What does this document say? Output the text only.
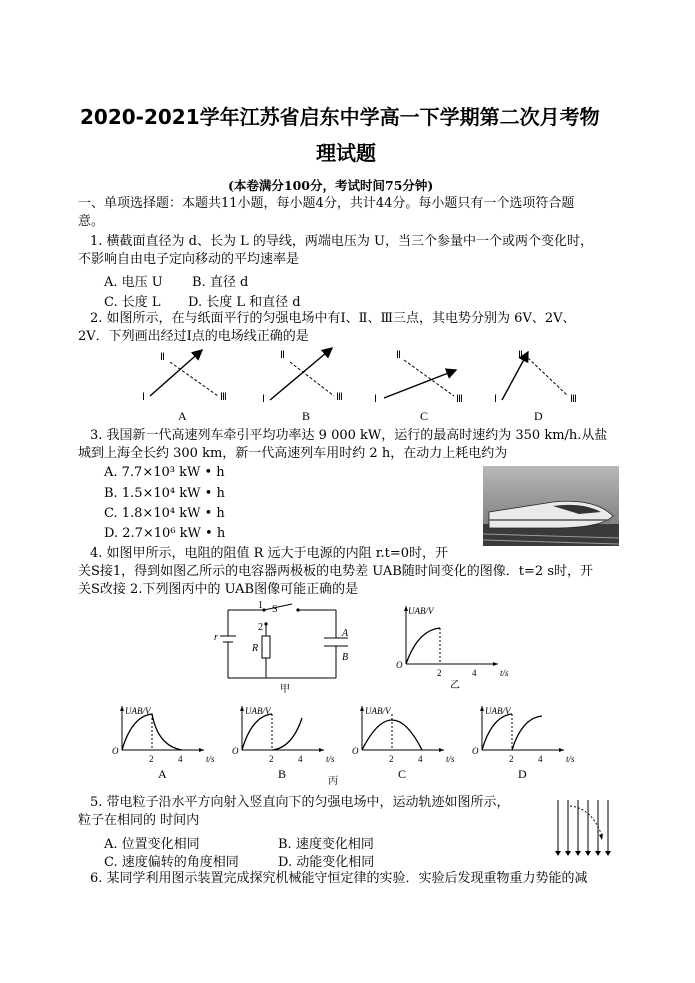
2020-2021学年江苏省启东中学高一下学期第二次月考物
理试题
(本卷满分100分，考试时间75分钟)
一、单项选择题：本题共11小题，每小题4分，共计44分。每小题只有一个选项符合题
意。
1. 横截面直径为 d、长为 L 的导线，两端电压为 U，当三个参量中一个或两个变化时，
不影响自由电子定向移动的平均速率是
A. 电压 U B. 直径 d
C. 长度 L D. 长度 L 和直径 d
2. 如图所示，在与纸面平行的匀强电场中有Ⅰ、Ⅱ、Ⅲ三点，其电势分别为 6V、2V、
2V．下列画出经过Ⅰ点的电场线正确的是
Ⅱ
Ⅰ	Ⅲ
A
Ⅱ
Ⅰ	Ⅲ
B
Ⅱ
Ⅰ	Ⅲ
C
Ⅱ
Ⅰ	Ⅲ
D
3. 我国新一代高速列车牵引平均功率达 9 000 kW，运行的最高时速约为 350 km/h.从盐
城到上海全长约 300 km，新一代高速列车用时约 2 h，在动力上耗电约为
A. 7.7×10³ kW • h
B. 1.5×10⁴ kW • h
C. 1.8×10⁴ kW • h
D. 2.7×10⁶ kW • h
4. 如图甲所示，电阻的阻值 R 远大于电源的内阻 r.t=0时，开
关S接1，得到如图乙所示的电容器两极板的电势差 UAB随时间变化的图像．t=2 s时，开
关S改接 2.下列图丙中的 UAB图像可能正确的是
1
2
S
r
R
A
B
甲
UAB/V
O
2	4	t/s
乙
UAB/V
O
2	4	t/s
A
UAB/V
O
2	4	t/s
B
UAB/V
O
2	4	t/s
C
UAB/V
O
2	4	t/s
D
丙
5. 带电粒子沿水平方向射入竖直向下的匀强电场中，运动轨迹如图所示，
粒子在相同的 时间内
A. 位置变化相同	B. 速度变化相同
C. 速度偏转的角度相同	D. 动能变化相同
6. 某同学利用图示装置完成探究机械能守恒定律的实验．实验后发现重物重力势能的减
